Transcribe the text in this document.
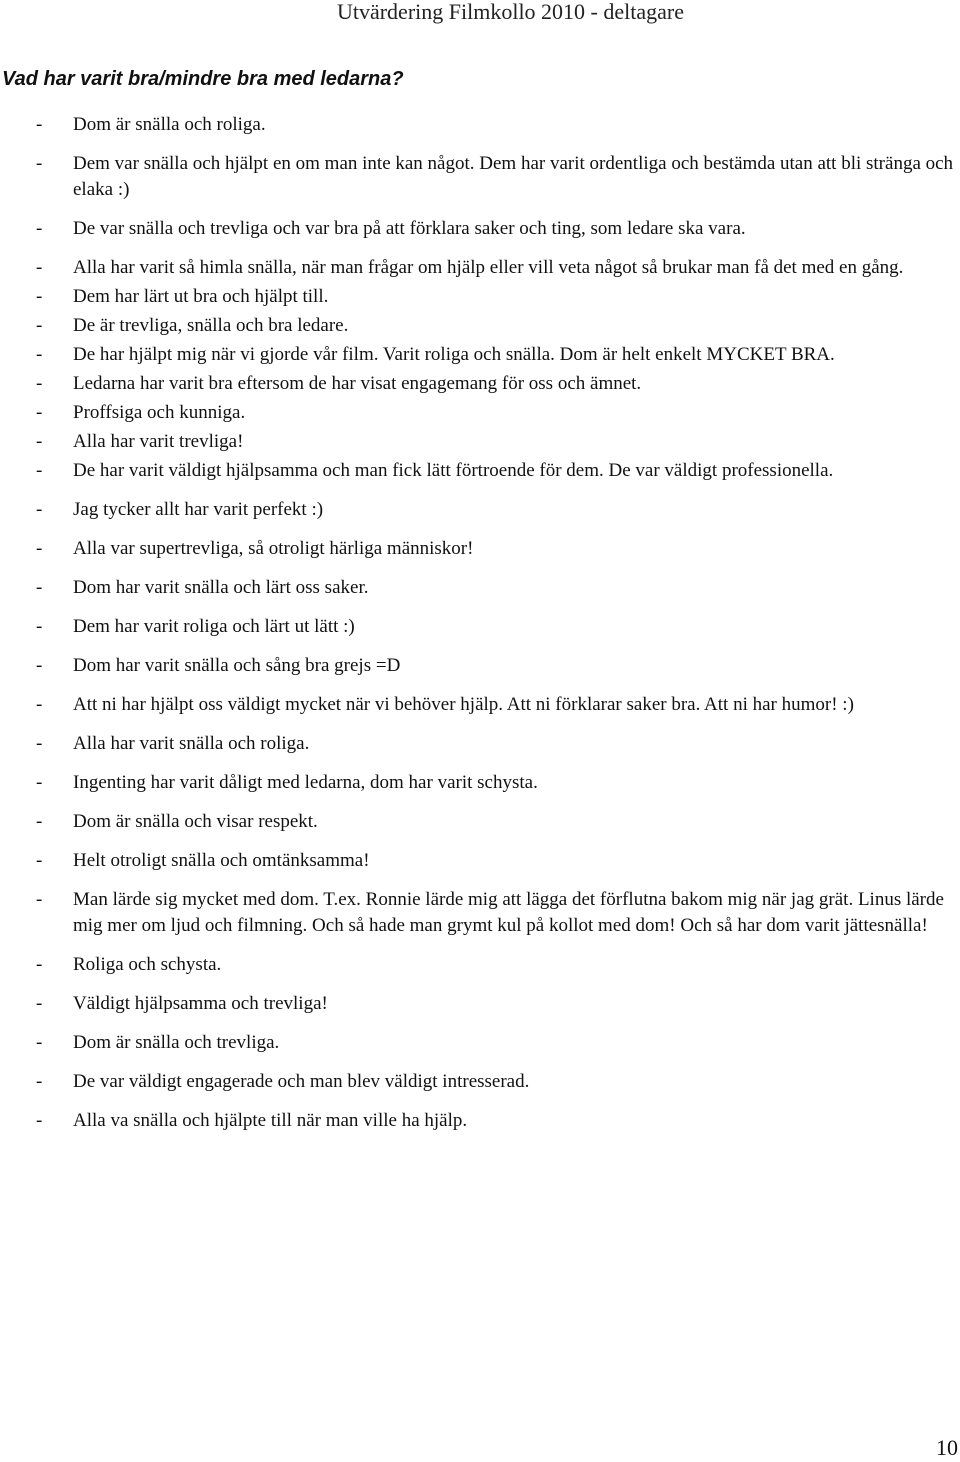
Utvärdering Filmkollo 2010 - deltagare
Vad har varit bra/mindre bra med ledarna?
-	Dom är snälla och roliga.
-	Dem var snälla och hjälpt en om man inte kan något. Dem har varit ordentliga och bestämda utan att bli stränga och elaka :)
-	De var snälla och trevliga och var bra på att förklara saker och ting, som ledare ska vara.
-	Alla har varit så himla snälla, när man frågar om hjälp eller vill veta något så brukar man få det med en gång.
-	Dem har lärt ut bra och hjälpt till.
-	De är trevliga, snälla och bra ledare.
-	De har hjälpt mig när vi gjorde vår film. Varit roliga och snälla. Dom är helt enkelt MYCKET BRA.
-	Ledarna har varit bra eftersom de har visat engagemang för oss och ämnet.
-	Proffsiga och kunniga.
-	Alla har varit trevliga!
-	De har varit väldigt hjälpsamma och man fick lätt förtroende för dem. De var väldigt professionella.
-	Jag tycker allt har varit perfekt :)
-	Alla var supertrevliga, så otroligt härliga människor!
-	Dom har varit snälla och lärt oss saker.
-	Dem har varit roliga och lärt ut lätt :)
-	Dom har varit snälla och sång bra grejs =D
-	Att ni har hjälpt oss väldigt mycket när vi behöver hjälp. Att ni förklarar saker bra. Att ni har humor! :)
-	Alla har varit snälla och roliga.
-	Ingenting har varit dåligt med ledarna, dom har varit schysta.
-	Dom är snälla och visar respekt.
-	Helt otroligt snälla och omtänksamma!
-	Man lärde sig mycket med dom. T.ex. Ronnie lärde mig att lägga det förflutna bakom mig när jag grät. Linus lärde mig mer om ljud och filmning. Och så hade man grymt kul på kollot med dom! Och så har dom varit jättesnälla!
-	Roliga och schysta.
-	Väldigt hjälpsamma och trevliga!
-	Dom är snälla och trevliga.
-	De var väldigt engagerade och man blev väldigt intresserad.
-	Alla va snälla och hjälpte till när man ville ha hjälp.
10
